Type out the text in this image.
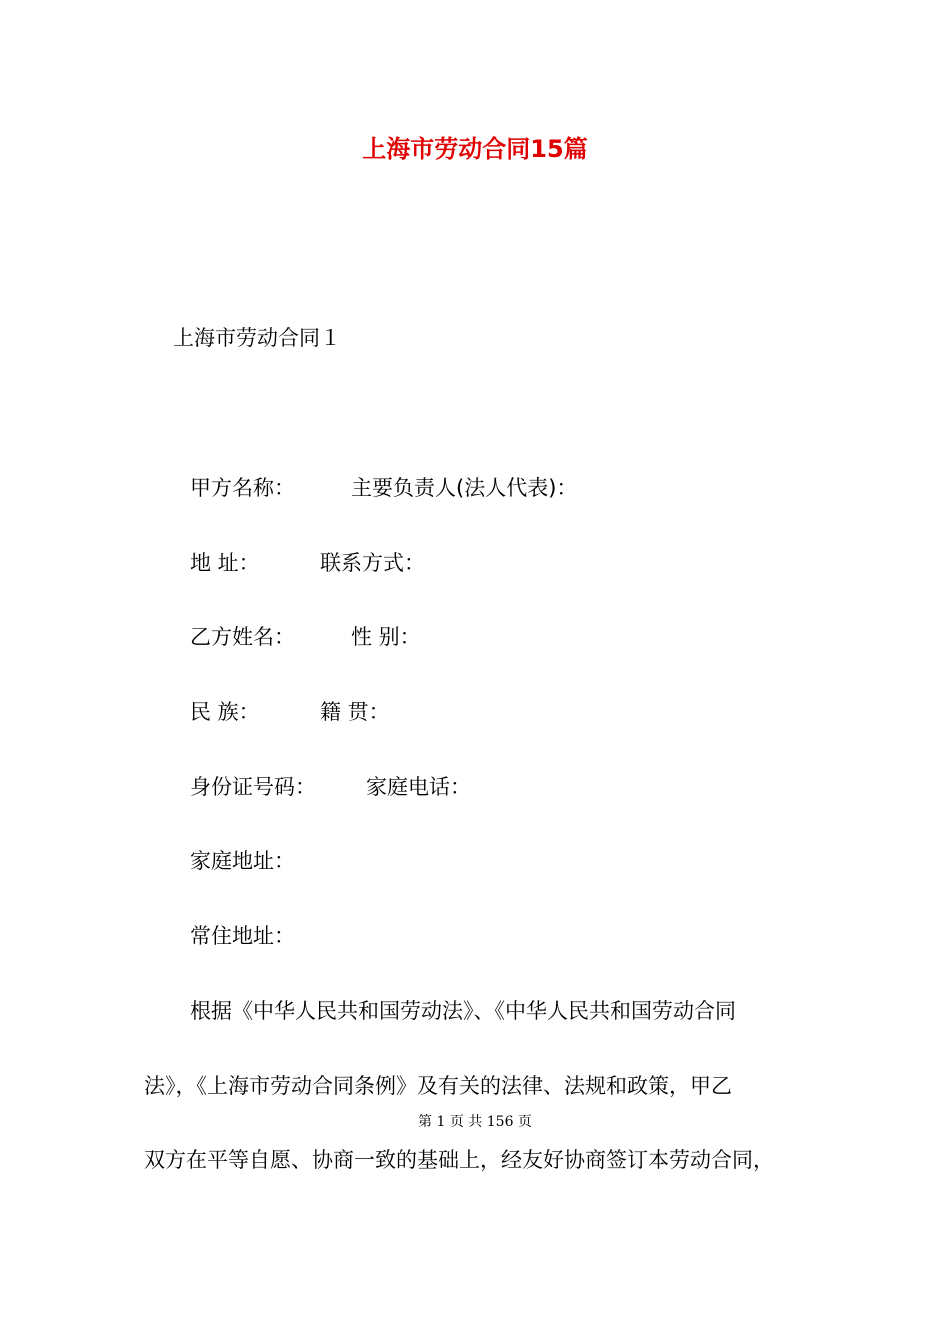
上海市劳动合同15篇
上海市劳动合同１
甲方名称：	主要负责人(法人代表)：
地 址：	联系方式：
乙方姓名：	性 别：
民 族：	籍 贯：
身份证号码： 家庭电话：
家庭地址：
常住地址：
根据《中华人民共和国劳动法》、《中华人民共和国劳动合同
法》，《上海市劳动合同条例》及有关的法律、法规和政策，甲乙
第 1 页 共 156 页
双方在平等自愿、协商一致的基础上，经友好协商签订本劳动合同，
